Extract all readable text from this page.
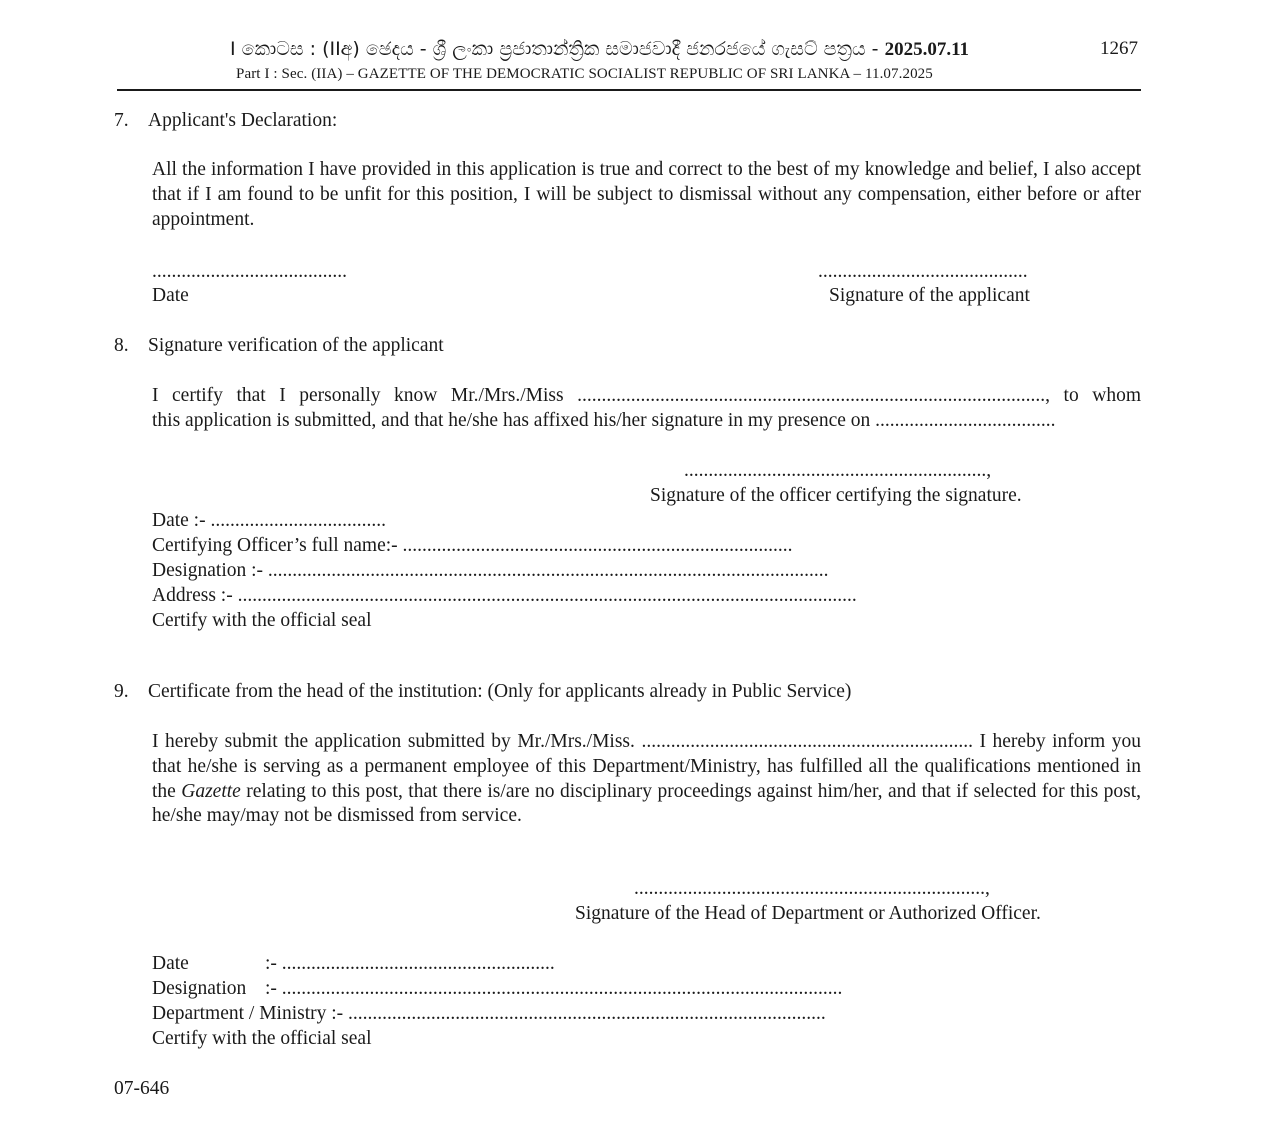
I කොටස : (IIඅ) ඡෙදය - ශ්‍රී ලංකා ප්‍රජාතාන්ත්‍රික සමාජවාදී ජනරජයේ ගැසට් පත්‍රය - 2025.07.11
Part I : Sec. (IIA) – GAZETTE OF THE DEMOCRATIC SOCIALIST REPUBLIC OF SRI LANKA – 11.07.2025
1267
7. Applicant's Declaration:
All the information I have provided in this application is true and correct to the best of my knowledge and belief, I also accept that if I am found to be unfit for this position, I will be subject to dismissal without any compensation, either before or after appointment.
........................................
Date
...........................................
Signature of the applicant
8. Signature verification of the applicant
I certify that I personally know Mr./Mrs./Miss ................................................................................................, to whom
this application is submitted, and that he/she has affixed his/her signature in my presence on .....................................
..............................................................,
Signature of the officer certifying the signature.
Date :- ....................................
Certifying Officer’s full name:- ................................................................................
Designation :- ...................................................................................................................
Address :- ...............................................................................................................................
Certify with the official seal
9. Certificate from the head of the institution: (Only for applicants already in Public Service)
I hereby submit the application submitted by Mr./Mrs./Miss. .................................................................... I hereby inform you that he/she is serving as a permanent employee of this Department/Ministry, has fulfilled all the qualifications mentioned in the Gazette relating to this post, that there is/are no disciplinary proceedings against him/her, and that if selected for this post, he/she may/may not be dismissed from service.
........................................................................,
Signature of the Head of Department or Authorized Officer.
Date	:- ........................................................
Designation :- ...................................................................................................................
Department / Ministry :- ..................................................................................................
Certify with the official seal
07-646
